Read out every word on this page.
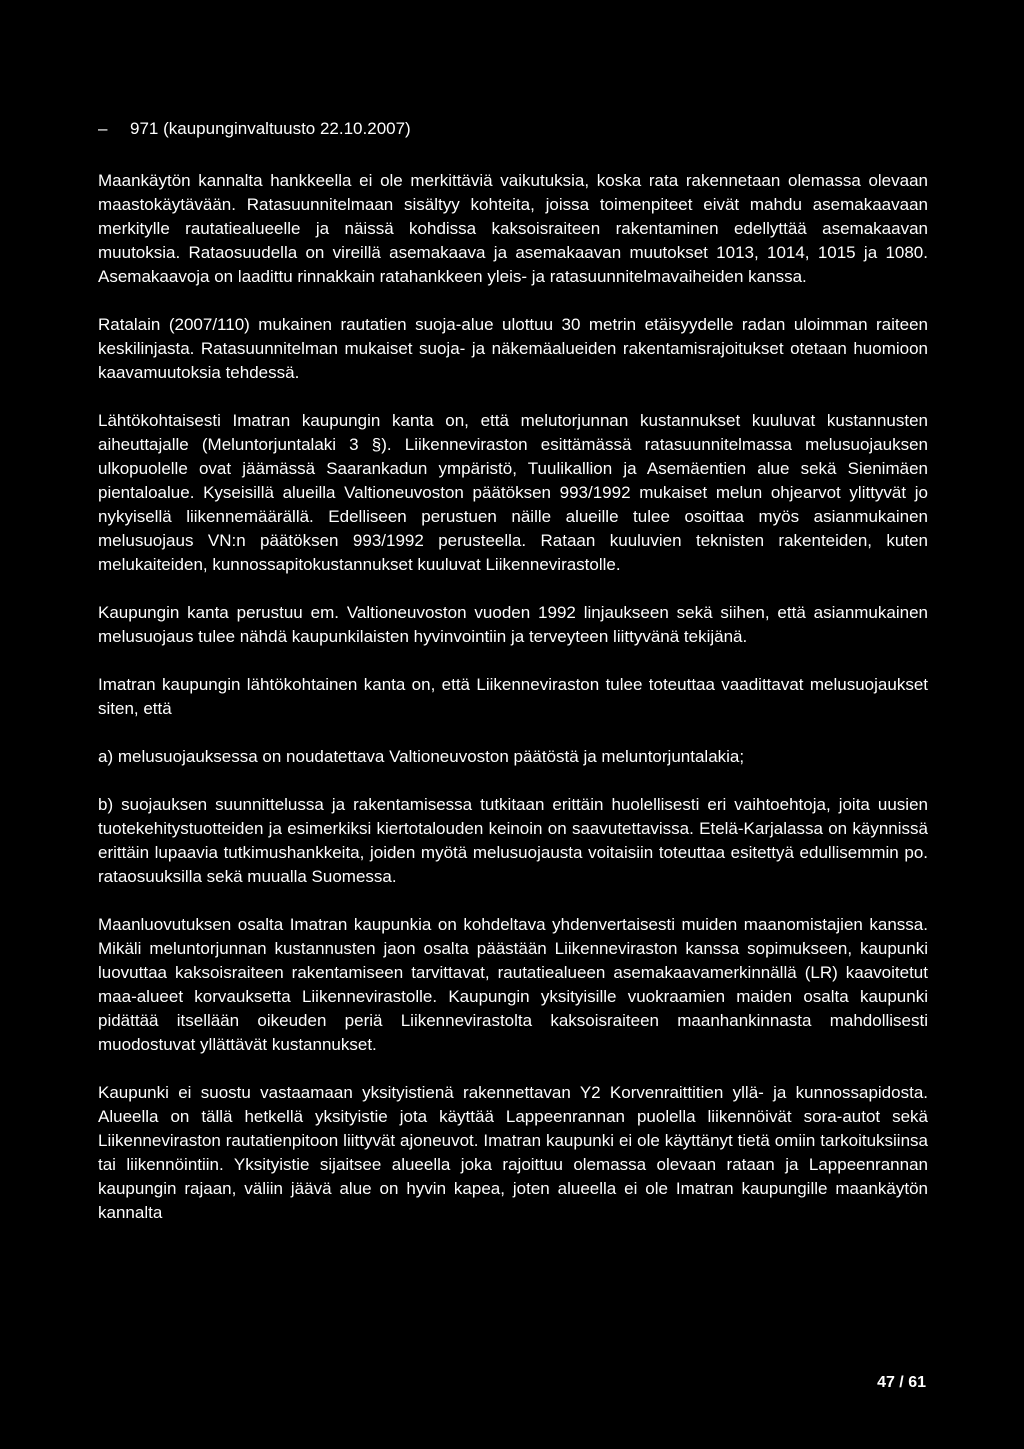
– 971 (kaupunginvaltuusto 22.10.2007)

Maankäytön kannalta hankkeella ei ole merkittäviä vaikutuksia, koska rata rakennetaan olemassa olevaan maastokäytävään. Ratasuunnitelmaan sisältyy kohteita, joissa toimenpiteet eivät mahdu asemakaavaan merkitylle rautatiealueelle ja näissä kohdissa kaksoisraiteen rakentaminen edellyttää asemakaavan muutoksia. Rataosuudella on vireillä asemakaava ja asemakaavan muutokset 1013, 1014, 1015 ja 1080. Asemakaavoja on laadittu rinnakkain ratahankkeen yleis- ja ratasuunnitelmavaiheiden kanssa.

Ratalain (2007/110) mukainen rautatien suoja-alue ulottuu 30 metrin etäisyydelle radan uloimman raiteen keskilinjasta. Ratasuunnitelman mukaiset suoja- ja näkemäalueiden rakentamisrajoitukset otetaan huomioon kaavamuutoksia tehdessä.

Lähtökohtaisesti Imatran kaupungin kanta on, että melutorjunnan kustannukset kuuluvat kustannusten aiheuttajalle (Meluntorjuntalaki 3 §). Liikenneviraston esittämässä ratasuunnitelmassa melusuojauksen ulkopuolelle ovat jäämässä Saarankadun ympäristö, Tuulikallion ja Asemäentien alue sekä Sienimäen pientaloalue. Kyseisillä alueilla Valtioneuvoston päätöksen 993/1992 mukaiset melun ohjearvot ylittyvät jo nykyisellä liikennemäärällä. Edelliseen perustuen näille alueille tulee osoittaa myös asianmukainen melusuojaus VN:n päätöksen 993/1992 perusteella. Rataan kuuluvien teknisten rakenteiden, kuten melukaiteiden, kunnossapitokustannukset kuuluvat Liikennevirastolle.

Kaupungin kanta perustuu em. Valtioneuvoston vuoden 1992 linjaukseen sekä siihen, että asianmukainen melusuojaus tulee nähdä kaupunkilaisten hyvinvointiin ja terveyteen liittyvänä tekijänä.

Imatran kaupungin lähtökohtainen kanta on, että Liikenneviraston tulee toteuttaa vaadittavat melusuojaukset siten, että

a) melusuojauksessa on noudatettava Valtioneuvoston päätöstä ja meluntorjuntalakia;

b) suojauksen suunnittelussa ja rakentamisessa tutkitaan erittäin huolellisesti eri vaihtoehtoja, joita uusien tuotekehitystuotteiden ja esimerkiksi kiertotalouden keinoin on saavutettavissa. Etelä-Karjalassa on käynnissä erittäin lupaavia tutkimushankkeita, joiden myötä melusuojausta voitaisiin toteuttaa esitettyä edullisemmin po. rataosuuksilla sekä muualla Suomessa.

Maanluovutuksen osalta Imatran kaupunkia on kohdeltava yhdenvertaisesti muiden maanomistajien kanssa. Mikäli meluntorjunnan kustannusten jaon osalta päästään Liikenneviraston kanssa sopimukseen, kaupunki luovuttaa kaksoisraiteen rakentamiseen tarvittavat, rautatiealueen asemakaavamerkinnällä (LR) kaavoitetut maa-alueet korvauksetta Liikennevirastolle. Kaupungin yksityisille vuokraamien maiden osalta kaupunki pidättää itsellään oikeuden periä Liikennevirastolta kaksoisraiteen maanhankinnasta mahdollisesti muodostuvat yllättävät kustannukset.

Kaupunki ei suostu vastaamaan yksityistienä rakennettavan Y2 Korvenraittitien yllä- ja kunnossapidosta. Alueella on tällä hetkellä yksityistie jota käyttää Lappeenrannan puolella liikennöivät sora-autot sekä Liikenneviraston rautatienpitoon liittyvät ajoneuvot. Imatran kaupunki ei ole käyttänyt tietä omiin tarkoituksiinsa tai liikennöintiin. Yksityistie sijaitsee alueella joka rajoittuu olemassa olevaan rataan ja Lappeenrannan kaupungin rajaan, väliin jäävä alue on hyvin kapea, joten alueella ei ole Imatran kaupungille maankäytön kannalta

47 / 61
